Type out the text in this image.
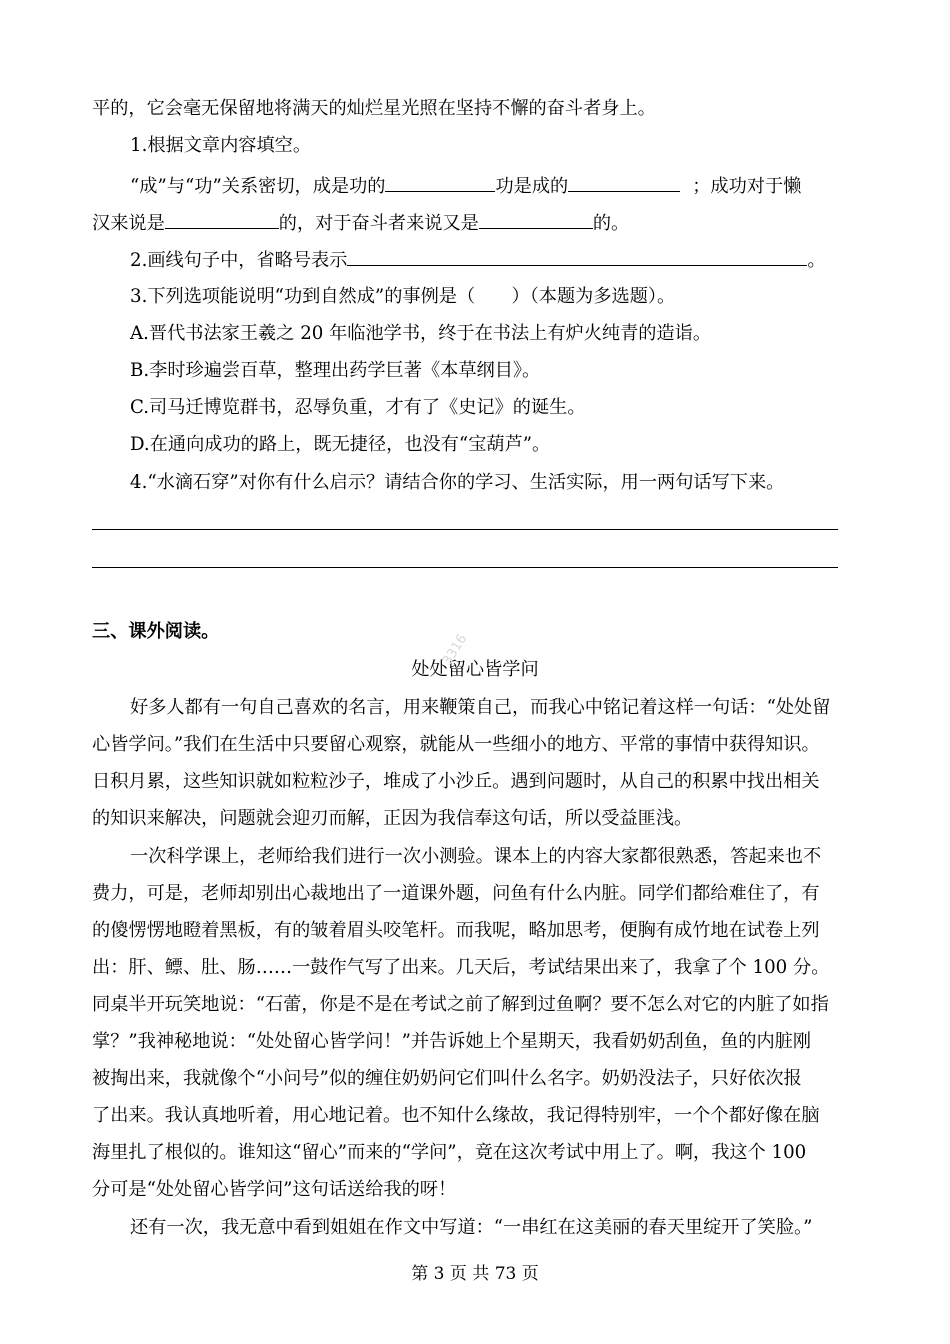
平的，它会毫无保留地将满天的灿烂星光照在坚持不懈的奋斗者身上。
1.根据文章内容填空。
“成”与“功”关系密切，成是功的	功是成的	；成功对于懒
汉来说是	的，对于奋斗者来说又是	的。
2.画线句子中，省略号表示	。
3.下列选项能说明“功到自然成”的事例是（　　）（本题为多选题）。
A.晋代书法家王羲之 20 年临池学书，终于在书法上有炉火纯青的造诣。
B.李时珍遍尝百草，整理出药学巨著《本草纲目》。
C.司马迁博览群书，忍辱负重，才有了《史记》的诞生。
D.在通向成功的路上，既无捷径，也没有“宝葫芦”。
4.“水滴石穿”对你有什么启示？请结合你的学习、生活实际，用一两句话写下来。
三、课外阅读。
处处留心皆学问
好多人都有一句自己喜欢的名言，用来鞭策自己，而我心中铭记着这样一句话：“处处留
心皆学问。”我们在生活中只要留心观察，就能从一些细小的地方、平常的事情中获得知识。
日积月累，这些知识就如粒粒沙子，堆成了小沙丘。遇到问题时，从自己的积累中找出相关
的知识来解决，问题就会迎刃而解，正因为我信奉这句话，所以受益匪浅。
一次科学课上，老师给我们进行一次小测验。课本上的内容大家都很熟悉，答起来也不
费力，可是，老师却别出心裁地出了一道课外题，问鱼有什么内脏。同学们都给难住了，有
的傻愣愣地瞪着黑板，有的皱着眉头咬笔杆。而我呢，略加思考，便胸有成竹地在试卷上列
出：肝、鳔、肚、肠……一鼓作气写了出来。几天后，考试结果出来了，我拿了个 100 分。
同桌半开玩笑地说：“石蕾，你是不是在考试之前了解到过鱼啊？要不怎么对它的内脏了如指
掌？”我神秘地说：“处处留心皆学问！”并告诉她上个星期天，我看奶奶刮鱼，鱼的内脏刚
被掏出来，我就像个“小问号”似的缠住奶奶问它们叫什么名字。奶奶没法子，只好依次报
了出来。我认真地听着，用心地记着。也不知什么缘故，我记得特别牢，一个个都好像在脑
海里扎了根似的。谁知这“留心”而来的“学问”，竟在这次考试中用上了。啊，我这个 100
分可是“处处留心皆学问”这句话送给我的呀！
还有一次，我无意中看到姐姐在作文中写道：“一串红在这美丽的春天里绽开了笑脸。”
第 3 页 共 73 页
3316
